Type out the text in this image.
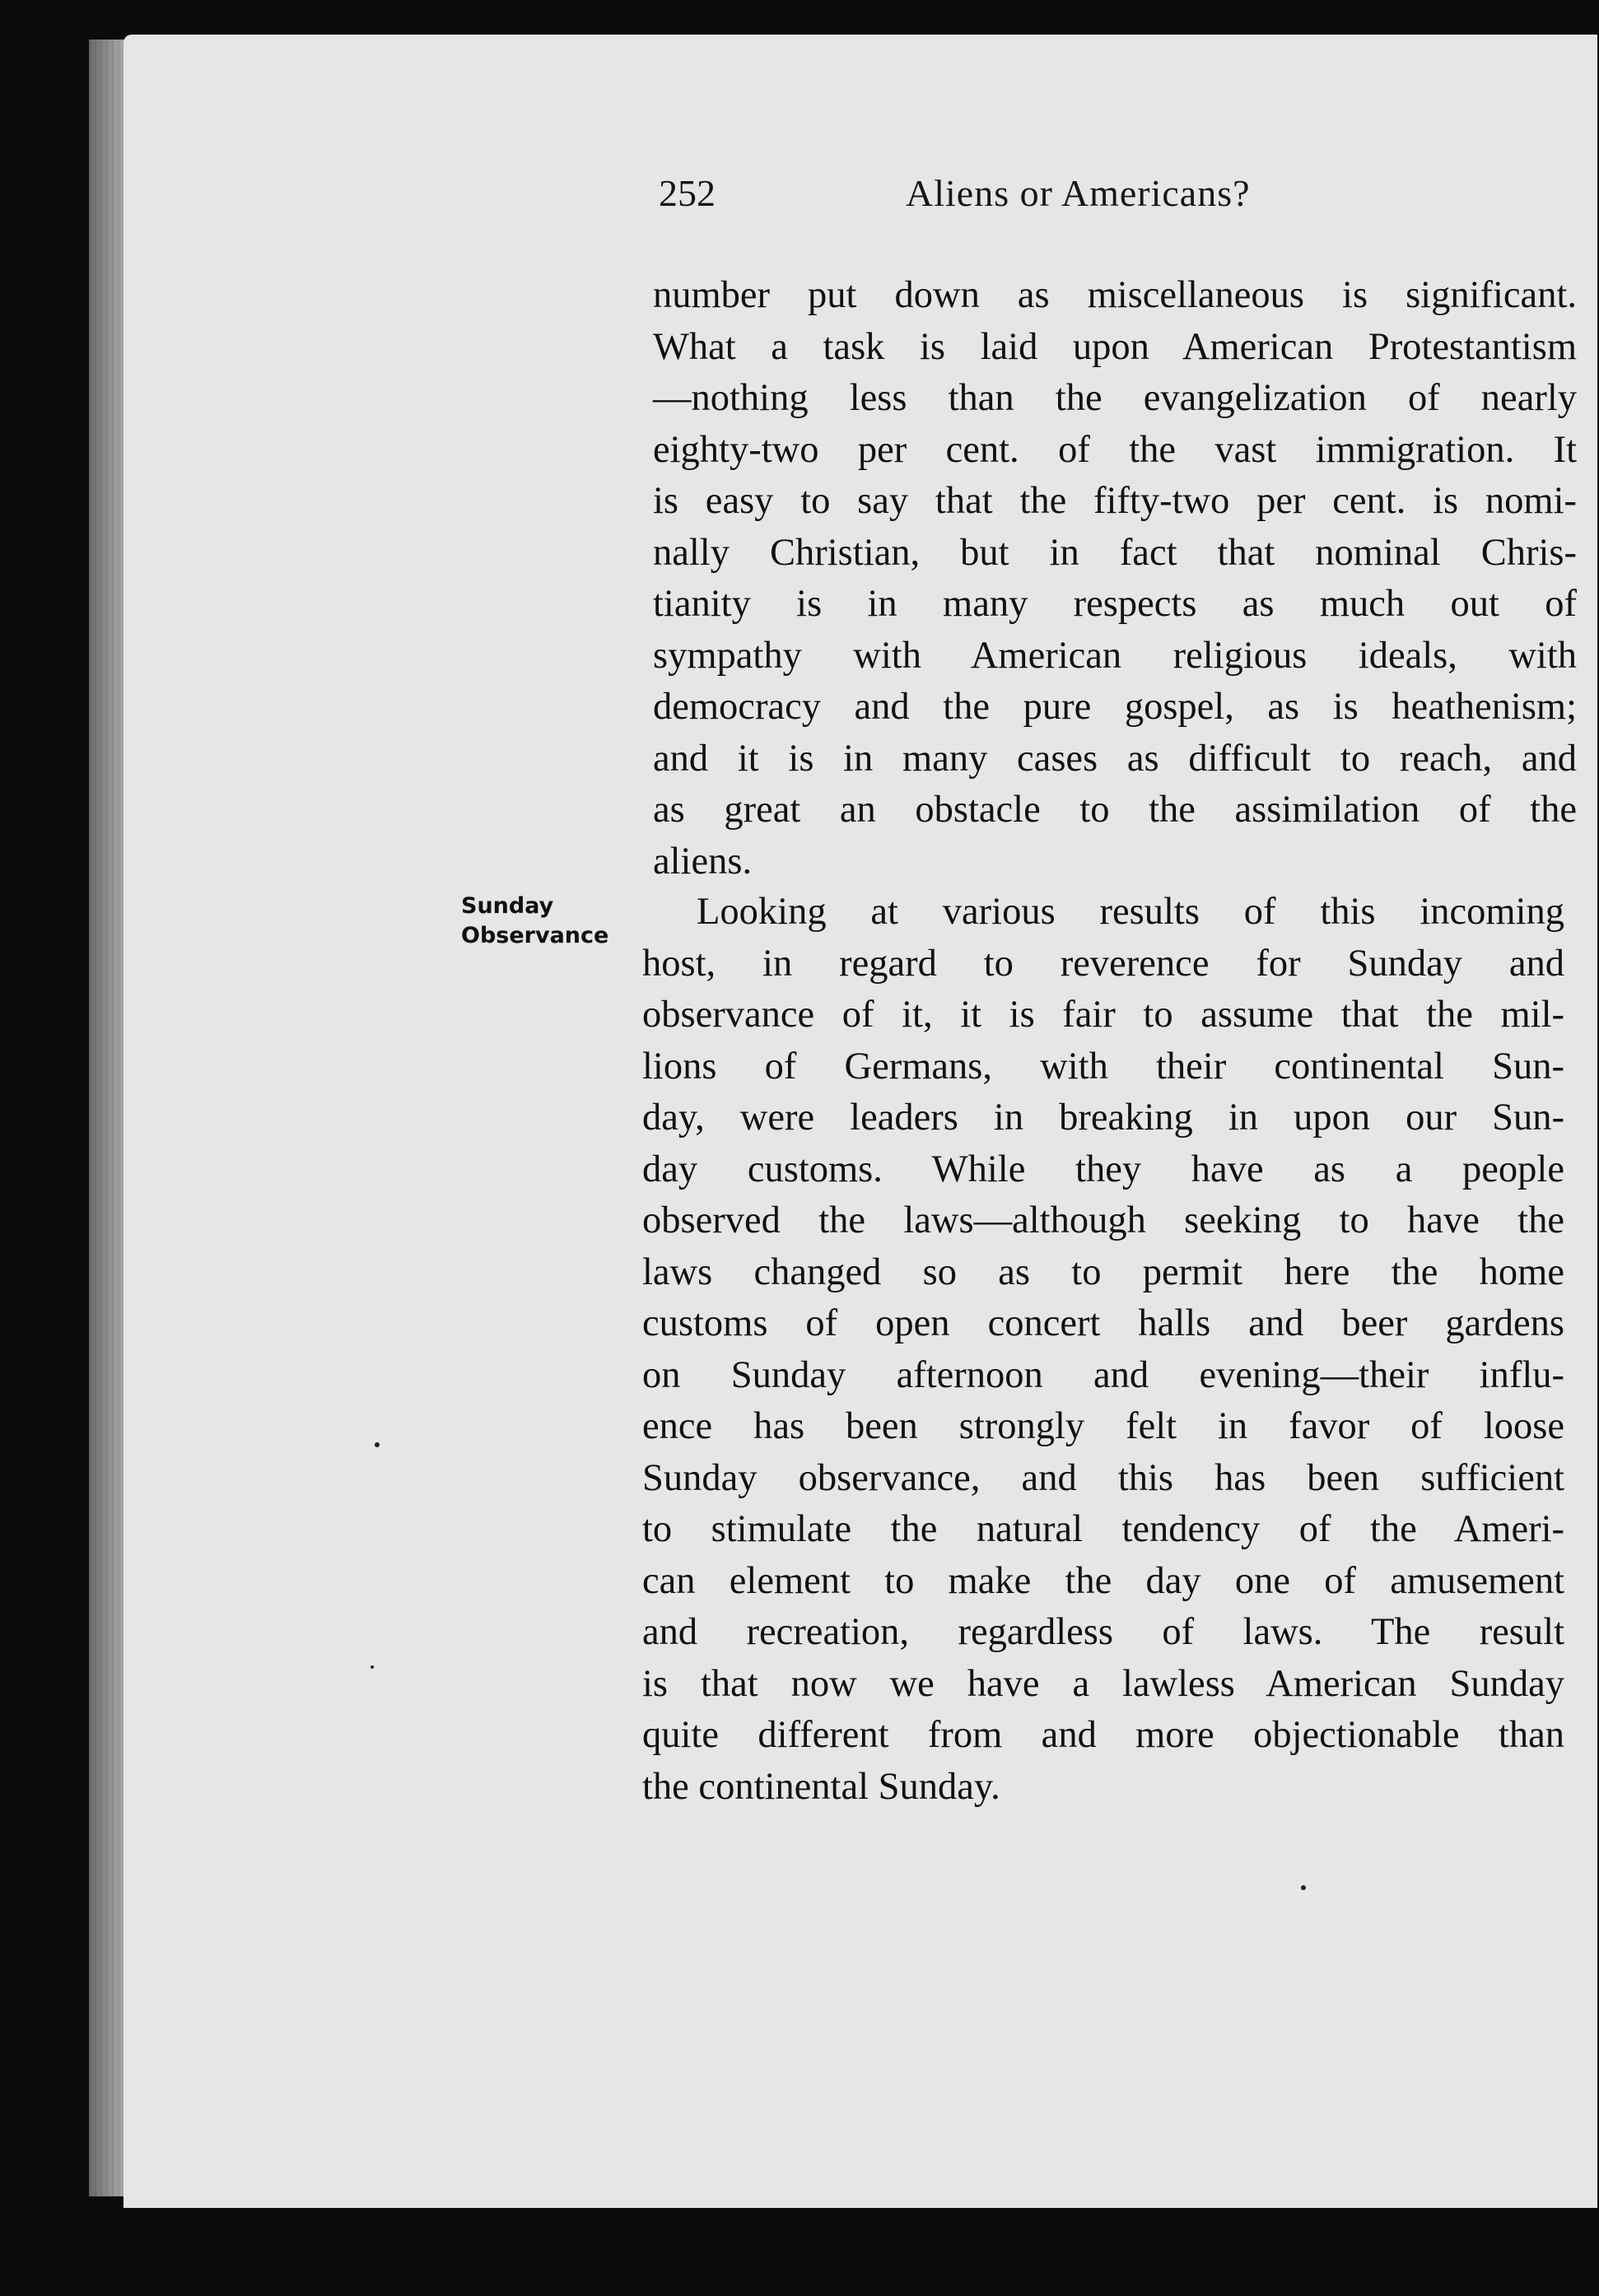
252	Aliens or Americans?
Sunday
Observance
number put down as miscellaneous is significant.
What a task is laid upon American Protestantism
—nothing less than the evangelization of nearly
eighty-two per cent. of the vast immigration. It
is easy to say that the fifty-two per cent. is nomi-
nally Christian, but in fact that nominal Chris-
tianity is in many respects as much out of
sympathy with American religious ideals, with
democracy and the pure gospel, as is heathenism;
and it is in many cases as difficult to reach, and
as great an obstacle to the assimilation of the
aliens.
Looking at various results of this incoming
host, in regard to reverence for Sunday and
observance of it, it is fair to assume that the mil-
lions of Germans, with their continental Sun-
day, were leaders in breaking in upon our Sun-
day customs. While they have as a people
observed the laws—although seeking to have the
laws changed so as to permit here the home
customs of open concert halls and beer gardens
on Sunday afternoon and evening—their influ-
ence has been strongly felt in favor of loose
Sunday observance, and this has been sufficient
to stimulate the natural tendency of the Ameri-
can element to make the day one of amusement
and recreation, regardless of laws. The result
is that now we have a lawless American Sunday
quite different from and more objectionable than
the continental Sunday.
